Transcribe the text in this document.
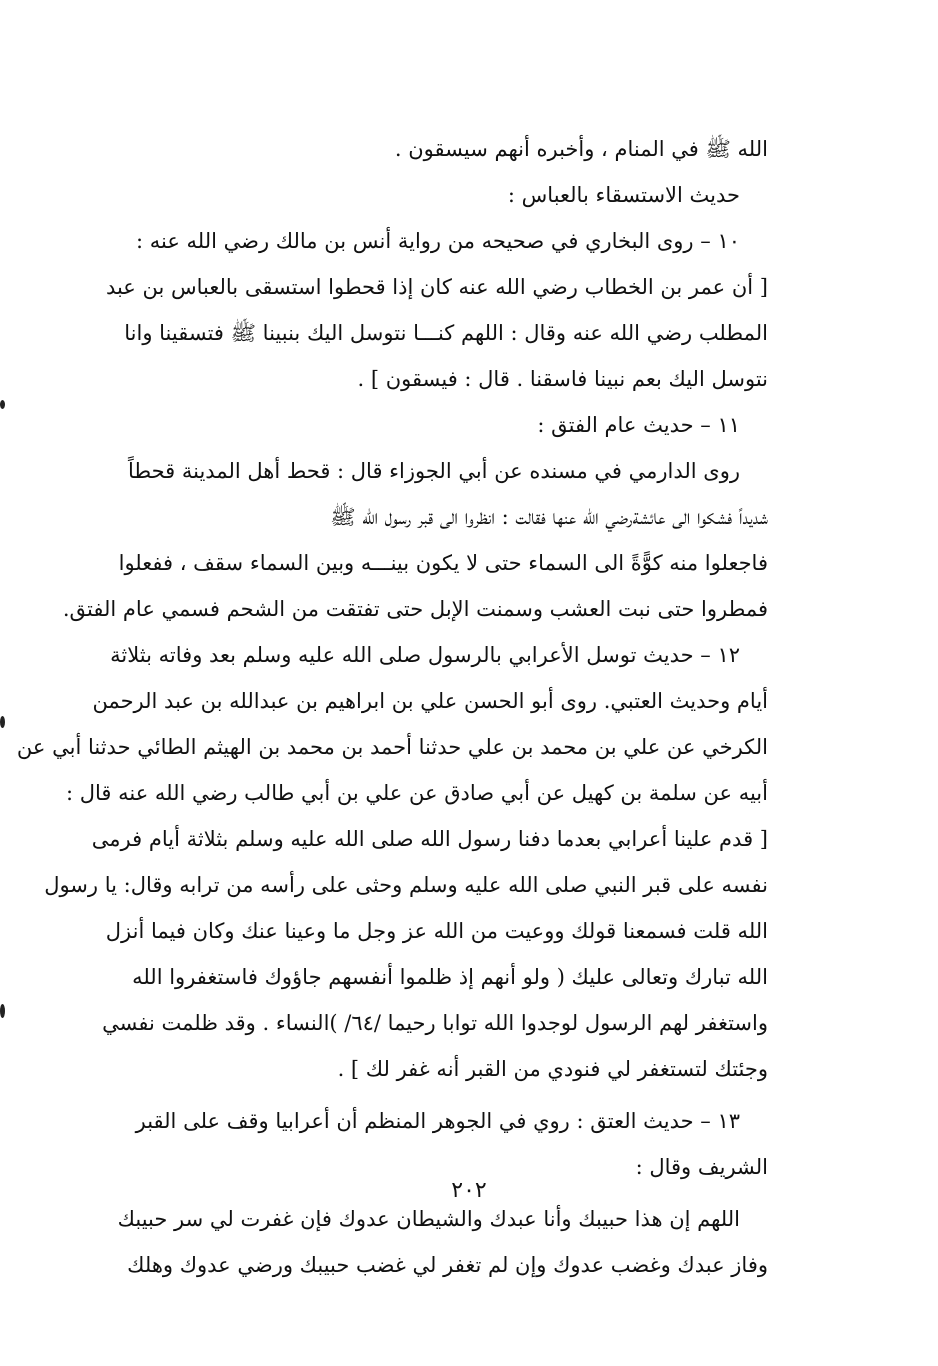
الله ﷺ في المنام ، وأخبره أنهم سيسقون .
حديث الاستسقاء بالعباس :
١٠ – روى البخاري في صحيحه من رواية أنس بن مالك رضي الله عنه :
[ أن عمر بن الخطاب رضي الله عنه كان إذا قحطوا استسقى بالعباس بن عبد
المطلب رضي الله عنه وقال : اللهم كنـــا نتوسل اليك بنبينا ﷺ فتسقينا وانا
نتوسل اليك بعم نبينا فاسقنا . قال : فيسقون ] .
١١ – حديث عام الفتق :
روى الدارمي في مسنده عن أبي الجوزاء قال : قحط أهل المدينة قحطاً
شديداً فشكوا الى عائشةرضي الله عنها فقالت : انظروا الى قبر رسول الله ﷺ
فاجعلوا منه كوًّةً الى السماء حتى لا يكون بينـــه وبين السماء سقف ، ففعلوا
فمطروا حتى نبت العشب وسمنت الإبل حتى تفتقت من الشحم فسمي عام الفتق.
١٢ – حديث توسل الأعرابي بالرسول صلى الله عليه وسلم بعد وفاته بثلاثة
أيام وحديث العتبي. روى أبو الحسن علي بن ابراهيم بن عبدالله بن عبد الرحمن
الكرخي عن علي بن محمد بن علي حدثنا أحمد بن محمد بن الهيثم الطائي حدثنا أبي عن
أبيه عن سلمة بن كهيل عن أبي صادق عن علي بن أبي طالب رضي الله عنه قال :
[ قدم علينا أعرابي بعدما دفنا رسول الله صلى الله عليه وسلم بثلاثة أيام فرمى
نفسه على قبر النبي صلى الله عليه وسلم وحثى على رأسه من ترابه وقال: يا رسول
الله قلت فسمعنا قولك ووعيت من الله عز وجل ما وعينا عنك وكان فيما أنزل
الله تبارك وتعالى عليك ( ولو أنهم إذ ظلموا أنفسهم جاؤوك فاستغفروا الله
واستغفر لهم الرسول لوجدوا الله توابا رحيما /٦٤/ )النساء . وقد ظلمت نفسي
وجئتك لتستغفر لي فنودي من القبر أنه غفر لك ] .
١٣ – حديث العتق : روي في الجوهر المنظم أن أعرابيا وقف على القبر
الشريف وقال :
اللهم إن هذا حبيبك وأنا عبدك والشيطان عدوك فإن غفرت لي سر حبيبك
وفاز عبدك وغضب عدوك وإن لم تغفر لي غضب حبيبك ورضي عدوك وهلك
٢٠٢
